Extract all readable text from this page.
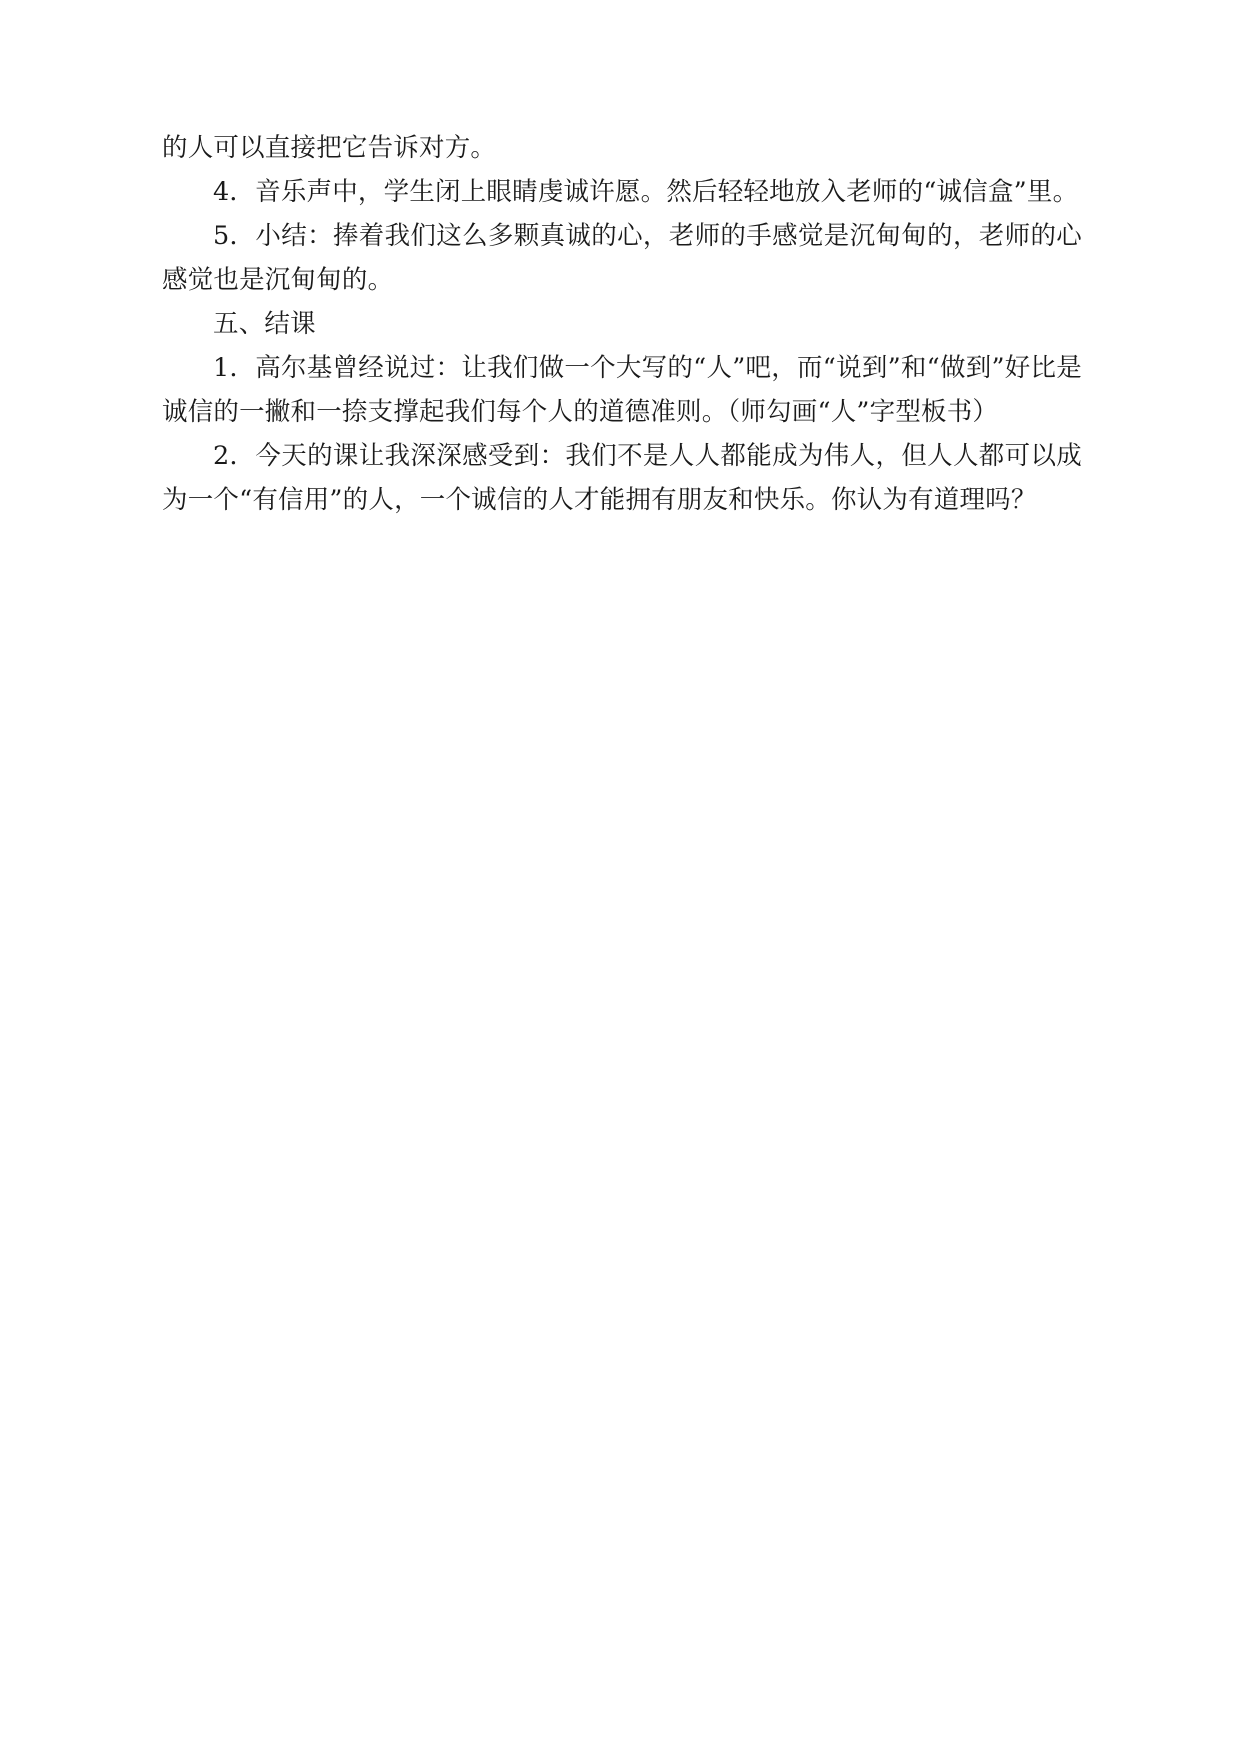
的人可以直接把它告诉对方。

4．音乐声中，学生闭上眼睛虔诚许愿。然后轻轻地放入老师的“诚信盒”里。

5．小结：捧着我们这么多颗真诚的心，老师的手感觉是沉甸甸的，老师的心感觉也是沉甸甸的。

五、结课

1．高尔基曾经说过：让我们做一个大写的“人”吧，而“说到”和“做到”好比是诚信的一撇和一捺支撑起我们每个人的道德准则。（师勾画“人”字型板书）

2．今天的课让我深深感受到：我们不是人人都能成为伟人，但人人都可以成为一个“有信用”的人，一个诚信的人才能拥有朋友和快乐。你认为有道理吗？
